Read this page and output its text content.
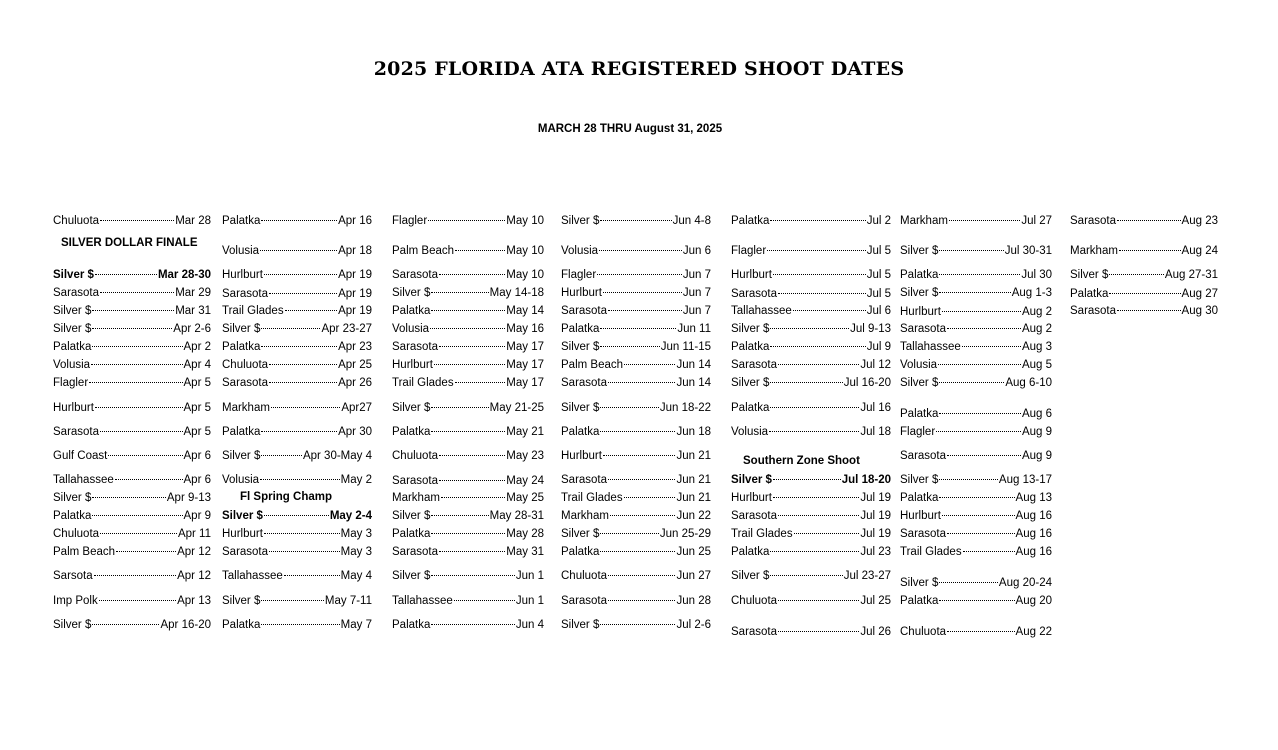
2025 FLORIDA ATA REGISTERED SHOOT DATES
MARCH 28 THRU August 31, 2025
Chuluota	Mar 28
SILVER DOLLAR FINALE
Silver $	Mar 28-30
Sarasota	Mar 29
Silver $	Mar 31
Silver $	Apr 2-6
Palatka	Apr 2
Volusia	Apr 4
Flagler	Apr 5
Hurlburt	Apr 5
Sarasota	Apr 5
Gulf Coast	Apr 6
Tallahassee	Apr 6
Silver $	Apr 9-13
Palatka	Apr 9
Chuluota	Apr 11
Palm Beach	Apr 12
Sarsota	Apr 12
Imp Polk	Apr 13
Silver $	Apr 16-20
Palatka	Apr 16
Volusia	Apr 18
Hurlburt	Apr 19
Sarasota	Apr 19
Trail Glades	Apr 19
Silver $	Apr 23-27
Palatka	Apr 23
Chuluota	Apr 25
Sarasota	Apr 26
Markham	Apr27
Palatka	Apr 30
Silver $	Apr 30-May 4
Volusia	May 2
Fl Spring Champ
Silver $	May 2-4
Hurlburt	May 3
Sarasota	May 3
Tallahassee	May 4
Silver $	May 7-11
Palatka	May 7
Flagler	May 10
Palm Beach	May 10
Sarasota	May 10
Silver $	May 14-18
Palatka	May 14
Volusia	May 16
Sarasota	May 17
Hurlburt	May 17
Trail Glades	May 17
Silver $	May 21-25
Palatka	May 21
Chuluota	May 23
Sarasota	May 24
Markham	May 25
Silver $	May 28-31
Palatka	May 28
Sarasota	May 31
Silver $	Jun 1
Tallahassee	Jun 1
Palatka	Jun 4
Silver $	Jun 4-8
Volusia	Jun 6
Flagler	Jun 7
Hurlburt	Jun 7
Sarasota	Jun 7
Palatka	Jun 11
Silver $	Jun 11-15
Palm Beach	Jun 14
Sarasota	Jun 14
Silver $	Jun 18-22
Palatka	Jun 18
Hurlburt	Jun 21
Sarasota	Jun 21
Trail Glades	Jun 21
Markham	Jun 22
Silver $	Jun 25-29
Palatka	Jun 25
Chuluota	Jun 27
Sarasota	Jun 28
Silver $	Jul 2-6
Palatka	Jul 2
Flagler	Jul 5
Hurlburt	Jul 5
Sarasota	Jul 5
Tallahassee	Jul 6
Silver $	Jul 9-13
Palatka	Jul 9
Sarasota	Jul 12
Silver $	Jul 16-20
Palatka	Jul 16
Volusia	Jul 18
Southern Zone Shoot
Silver $	Jul 18-20
Hurlburt	Jul 19
Sarasota	Jul 19
Trail Glades	Jul 19
Palatka	Jul 23
Silver $	Jul 23-27
Chuluota	Jul 25
Sarasota	Jul 26
Markham	Jul 27
Silver $	Jul 30-31
Palatka	Jul 30
Silver $	Aug 1-3
Hurlburt	Aug 2
Sarasota	Aug 2
Tallahassee	Aug 3
Volusia	Aug 5
Silver $	Aug 6-10
Palatka	Aug 6
Flagler	Aug 9
Sarasota	Aug 9
Silver $	Aug 13-17
Palatka	Aug 13
Hurlburt	Aug 16
Sarasota	Aug 16
Trail Glades	Aug 16
Silver $	Aug 20-24
Palatka	Aug 20
Chuluota	Aug 22
Sarasota	Aug 23
Markham	Aug 24
Silver $	Aug 27-31
Palatka	Aug 27
Sarasota	Aug 30
